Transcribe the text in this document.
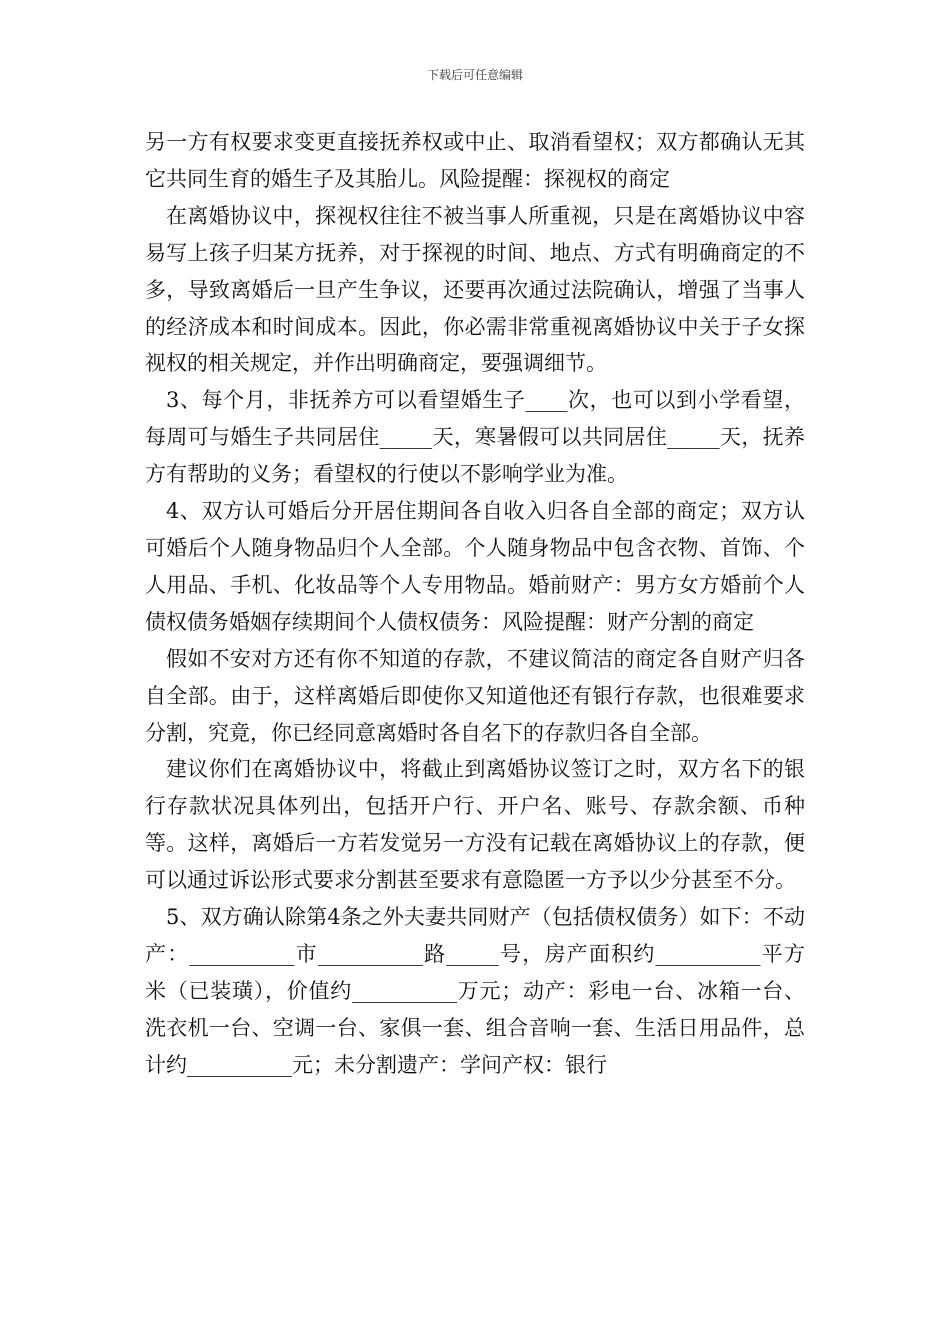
下载后可任意编辑

另一方有权要求变更直接抚养权或中止、取消看望权；双方都确认无其它共同生育的婚生子及其胎儿。风险提醒：探视权的商定

在离婚协议中，探视权往往不被当事人所重视，只是在离婚协议中容易写上孩子归某方抚养，对于探视的时间、地点、方式有明确商定的不多，导致离婚后一旦产生争议，还要再次通过法院确认，增强了当事人的经济成本和时间成本。因此，你必需非常重视离婚协议中关于子女探视权的相关规定，并作出明确商定，要强调细节。

3、每个月，非抚养方可以看望婚生子____次，也可以到小学看望，每周可与婚生子共同居住_____天，寒暑假可以共同居住_____天，抚养方有帮助的义务；看望权的行使以不影响学业为准。

4、双方认可婚后分开居住期间各自收入归各自全部的商定；双方认可婚后个人随身物品归个人全部。个人随身物品中包含衣物、首饰、个人用品、手机、化妆品等个人专用物品。婚前财产：男方女方婚前个人债权债务婚姻存续期间个人债权债务：风险提醒：财产分割的商定

假如不安对方还有你不知道的存款，不建议简洁的商定各自财产归各自全部。由于，这样离婚后即使你又知道他还有银行存款，也很难要求分割，究竟，你已经同意离婚时各自名下的存款归各自全部。

建议你们在离婚协议中，将截止到离婚协议签订之时，双方名下的银行存款状况具体列出，包括开户行、开户名、账号、存款余额、币种等。这样，离婚后一方若发觉另一方没有记载在离婚协议上的存款，便可以通过诉讼形式要求分割甚至要求有意隐匿一方予以少分甚至不分。

5、双方确认除第4条之外夫妻共同财产（包括债权债务）如下：不动产：__________市__________路_____号，房产面积约__________平方米（已装璜），价值约__________万元；动产：彩电一台、冰箱一台、洗衣机一台、空调一台、家俱一套、组合音响一套、生活日用品件，总计约__________元；未分割遗产：学问产权：银行
